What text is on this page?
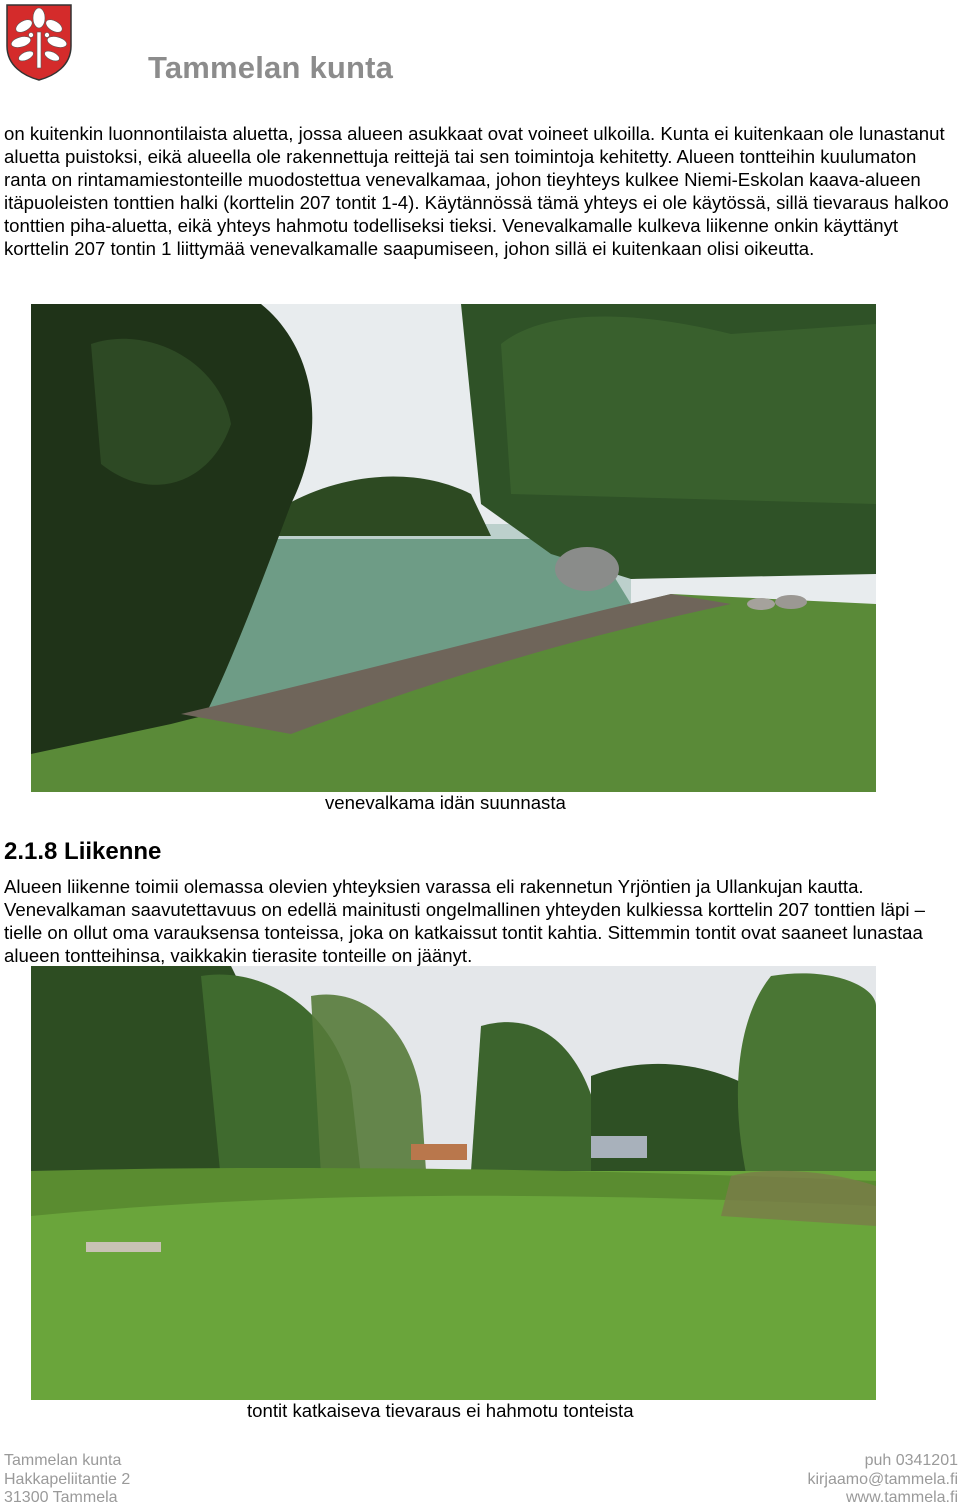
Tammelan kunta

on kuitenkin luonnontilaista aluetta, jossa alueen asukkaat ovat voineet ulkoilla. Kunta ei kuitenkaan ole lunastanut aluetta puistoksi, eikä alueella ole rakennettuja reittejä tai sen toimintoja kehitetty. Alueen tontteihin kuulumaton ranta on rintamamiestonteille muodostettua venevalkamaa, johon tieyhteys kulkee Niemi-Eskolan kaava-alueen itäpuoleisten tonttien halki (korttelin 207 tontit 1-4). Käytännössä tämä yhteys ei ole käytössä, sillä tievaraus halkoo tonttien piha-aluetta, eikä yhteys hahmotu todelliseksi tieksi. Venevalkamalle kulkeva liikenne onkin käyttänyt korttelin 207 tontin 1 liittymää venevalkamalle saapumiseen, johon sillä ei kuitenkaan olisi oikeutta.

venevalkama idän suunnasta

2.1.8 Liikenne

Alueen liikenne toimii olemassa olevien yhteyksien varassa eli rakennetun Yrjöntien ja Ullankujan kautta. Venevalkaman saavutettavuus on edellä mainitusti ongelmallinen yhteyden kulkiessa korttelin 207 tonttien läpi – tielle on ollut oma varauksensa tonteissa, joka on katkaissut tontit kahtia. Sittemmin tontit ovat saaneet lunastaa alueen tontteihinsa, vaikkakin tierasite tonteille on jäänyt.

tontit katkaiseva tievaraus ei hahmotu tonteista

Tammelan kunta
Hakkapeliitantie 2
31300 Tammela
puh 0341201
kirjaamo@tammela.fi
www.tammela.fi
